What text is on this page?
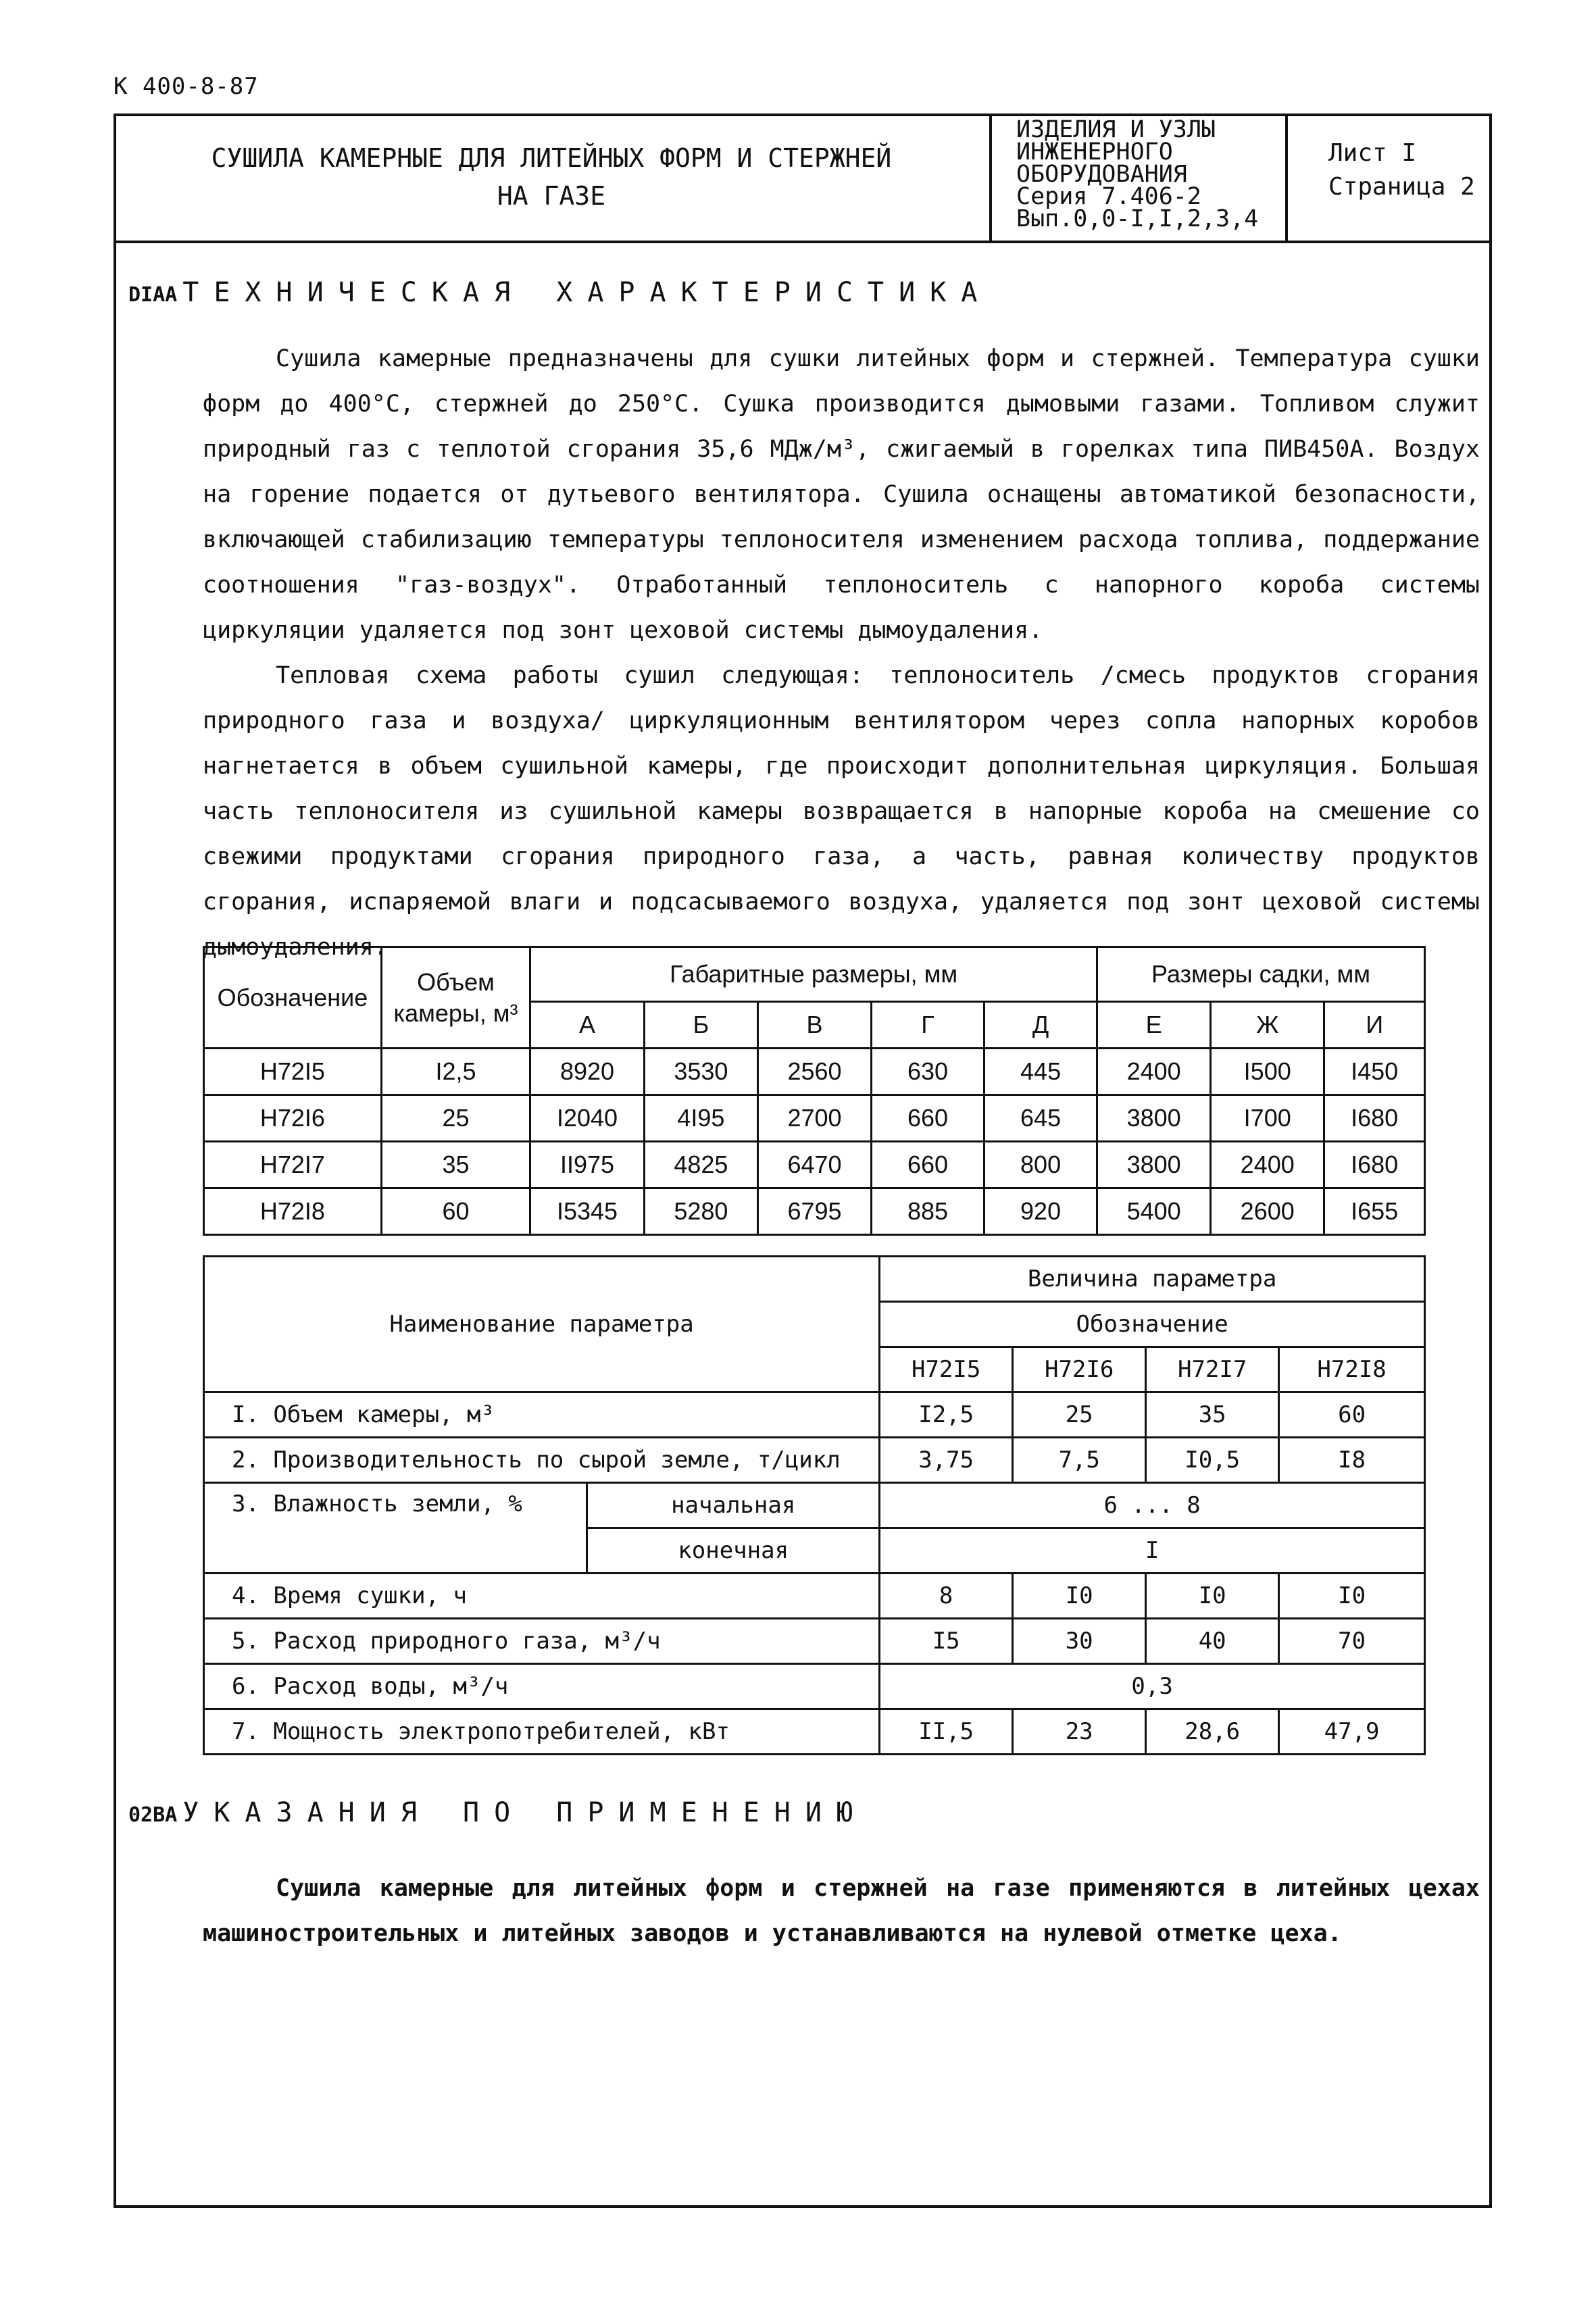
К 400-8-87
СУШИЛА КАМЕРНЫЕ ДЛЯ ЛИТЕЙНЫХ ФОРМ И СТЕРЖНЕЙ
НА ГАЗЕ
ИЗДЕЛИЯ И УЗЛЫ
ИНЖЕНЕРНОГО
ОБОРУДОВАНИЯ
Серия 7.406-2
Вып.0,0-I,I,2,3,4
Лист I
Страница 2
DIAA ТЕХНИЧЕСКАЯ ХАРАКТЕРИСТИКА

Сушила камерные предназначены для сушки литейных форм и стержней. Температура сушки форм до 400°С, стержней до 250°С. Сушка производится дымовыми газами. Топливом служит природный газ с теплотой сгорания 35,6 МДж/м³, сжигаемый в горелках типа ПИВ450А. Воздух на горение подается от дутьевого вентилятора. Сушила оснащены автоматикой безопасности, включающей стабилизацию температуры теплоносителя изменением расхода топлива, поддержание соотношения "газ-воздух". Отработанный теплоноситель с напорного короба системы циркуляции удаляется под зонт цеховой системы дымоудаления.

Тепловая схема работы сушил следующая: теплоноситель /смесь продуктов сгорания природного газа и воздуха/ циркуляционным вентилятором через сопла напорных коробов нагнетается в объем сушильной камеры, где происходит дополнительная циркуляция. Большая часть теплоносителя из сушильной камеры возвращается в напорные короба на смешение со свежими продуктами сгорания природного газа, а часть, равная количеству продуктов сгорания, испаряемой влаги и подсасываемого воздуха, удаляется под зонт цеховой системы дымоудаления.

Обозначение	Объем камеры, м³	Габаритные размеры, мм					Размеры садки, мм		
		А	Б	В	Г	Д	Е	Ж	И
Н72I5	I2,5	8920	3530	2560	630	445	2400	I500	I450
Н72I6	25	I2040	4I95	2700	660	645	3800	I700	I680
Н72I7	35	II975	4825	6470	660	800	3800	2400	I680
Н72I8	60	I5345	5280	6795	885	920	5400	2600	I655
Наименование параметра		Величина параметра			
		Обозначение			
		Н72I5	Н72I6	Н72I7	Н72I8
I. Объем камеры, м³		I2,5	25	35	60
2. Производительность по сырой земле, т/цикл		3,75	7,5	I0,5	I8
3. Влажность земли, %	начальная	6 ... 8			
	конечная	I			
4. Время сушки, ч		8	I0	I0	I0
5. Расход природного газа, м³/ч		I5	30	40	70
6. Расход воды, м³/ч		0,3			
7. Мощность электропотребителей, кВт		II,5	23	28,6	47,9
02BA УКАЗАНИЯ ПО ПРИМЕНЕНИЮ

Сушила камерные для литейных форм и стержней на газе применяются в литейных цехах машиностроительных и литейных заводов и устанавливаются на нулевой отметке цеха.
